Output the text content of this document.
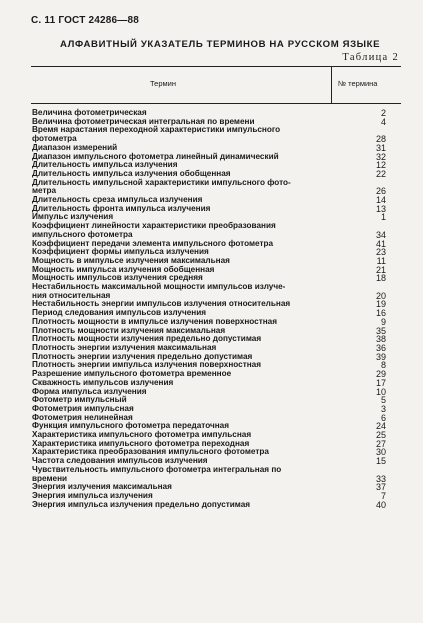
С. 11 ГОСТ 24286—88
АЛФАВИТНЫЙ УКАЗАТЕЛЬ ТЕРМИНОВ НА РУССКОМ ЯЗЫКЕ
Таблица 2
Термин	№ термина
Величина фотометрическая	2
Величина фотометрическая интегральная по времени	4
Время нарастания переходной характеристики импульсного
фотометра	28
Диапазон измерений	31
Диапазон импульсного фотометра линейный динамический	32
Длительность импульса излучения	12
Длительность импульса излучения обобщенная	22
Длительность импульсной характеристики импульсного фото-
метра	26
Длительность среза импульса излучения	14
Длительность фронта импульса излучения	13
Импульс излучения	1
Коэффициент линейности характеристики преобразования
импульсного фотометра	34
Коэффициент передачи элемента импульсного фотометра	41
Коэффициент формы импульса излучения	23
Мощность в импульсе излучения максимальная	11
Мощность импульса излучения обобщенная	21
Мощность импульсов излучения средняя	18
Нестабильность максимальной мощности импульсов излуче-
ния относительная	20
Нестабильность энергии импульсов излучения относительная	19
Период следования импульсов излучения	16
Плотность мощности в импульсе излучения поверхностная	9
Плотность мощности излучения максимальная	35
Плотность мощности излучения предельно допустимая	38
Плотность энергии излучения максимальная	36
Плотность энергии излучения предельно допустимая	39
Плотность энергии импульса излучения поверхностная	8
Разрешение импульсного фотометра временное	29
Скважность импульсов излучения	17
Форма импульса излучения	10
Фотометр импульсный	5
Фотометрия импульсная	3
Фотометрия нелинейная	6
Функция импульсного фотометра передаточная	24
Характеристика импульсного фотометра импульсная	25
Характеристика импульсного фотометра переходная	27
Характеристика преобразования импульсного фотометра	30
Частота следования импульсов излучения	15
Чувствительность импульсного фотометра интегральная по
времени	33
Энергия излучения максимальная	37
Энергия импульса излучения	7
Энергия импульса излучения предельно допустимая	40
